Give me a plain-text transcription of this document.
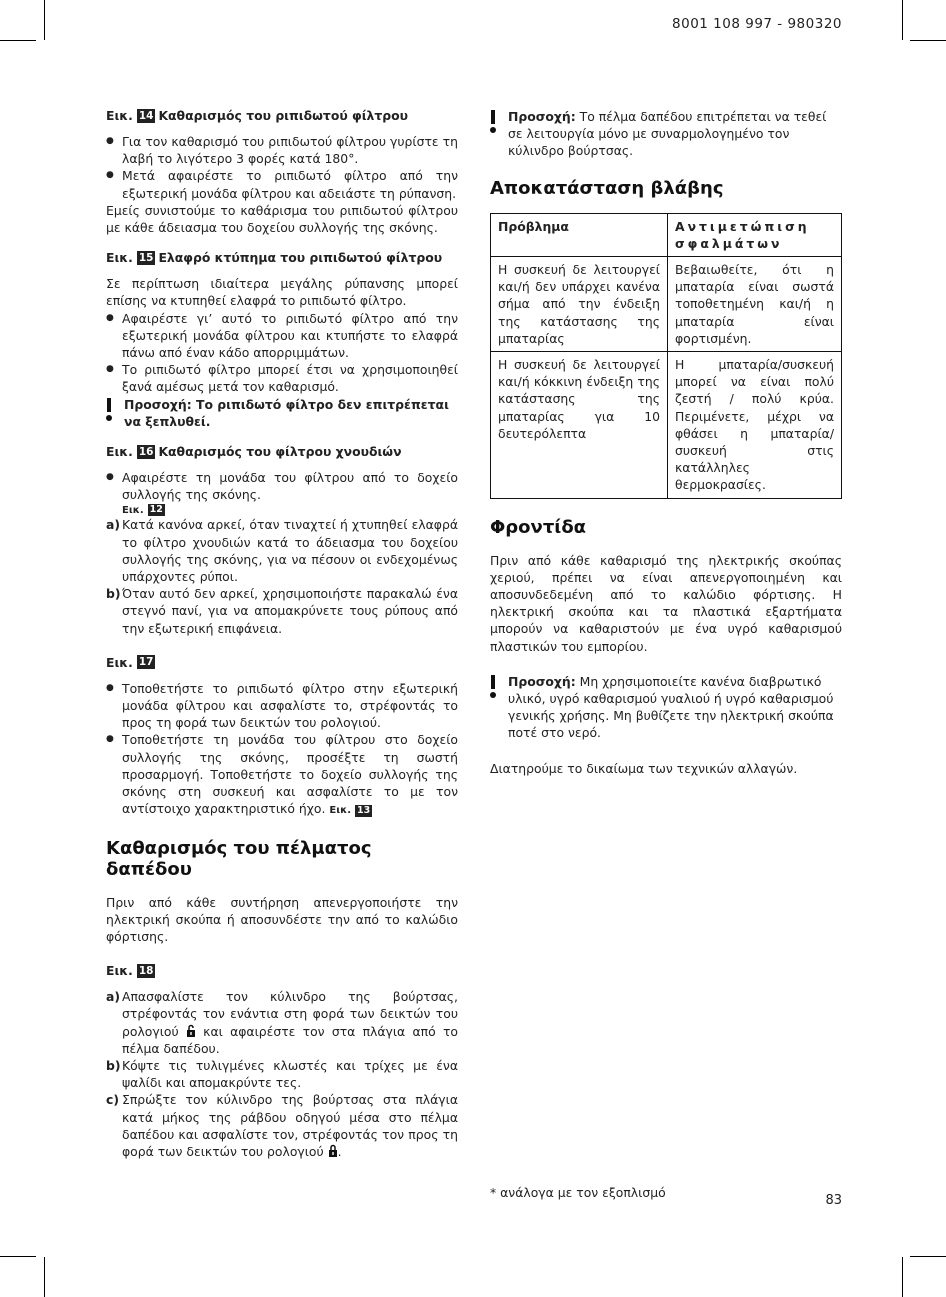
8001 108 997 - 980320
Εικ. 14 Καθαρισμός του ριπιδωτού φίλτρου
● Για τον καθαρισμό του ριπιδωτού φίλτρου γυρίστε τη λαβή το λιγότερο 3 φορές κατά 180°.
● Μετά αφαιρέστε το ριπιδωτό φίλτρο από την εξωτερική μονάδα φίλτρου και αδειάστε τη ρύπανση.

Εμείς συνιστούμε το καθάρισμα του ριπιδωτού φίλτρου με κάθε άδειασμα του δοχείου συλλογής της σκόνης.

Εικ. 15 Ελαφρό κτύπημα του ριπιδωτού φίλτρου

Σε περίπτωση ιδιαίτερα μεγάλης ρύπανσης μπορεί επίσης να κτυπηθεί ελαφρά το ριπιδωτό φίλτρο.

● Αφαιρέστε γι’ αυτό το ριπιδωτό φίλτρο από την εξωτερική μονάδα φίλτρου και κτυπήστε το ελαφρά πάνω από έναν κάδο απορριμμάτων.
● Το ριπιδωτό φίλτρο μπορεί έτσι να χρησιμοποιηθεί ξανά αμέσως μετά τον καθαρισμό.
Προσοχή: Το ριπιδωτό φίλτρο δεν επιτρέπεται να ξεπλυθεί.
Εικ. 16 Καθαρισμός του φίλτρου χνουδιών
● Αφαιρέστε τη μονάδα του φίλτρου από το δοχείο συλλογής της σκόνης.
Εικ. 12
a) Κατά κανόνα αρκεί, όταν τιναχτεί ή χτυπηθεί ελαφρά το φίλτρο χνουδιών κατά το άδειασμα του δοχείου συλλογής της σκόνης, για να πέσουν οι ενδεχομένως υπάρχοντες ρύποι.
b) Όταν αυτό δεν αρκεί, χρησιμοποιήστε παρακαλώ ένα στεγνό πανί, για να απομακρύνετε τους ρύπους από την εξωτερική επιφάνεια.
Εικ. 17
● Τοποθετήστε το ριπιδωτό φίλτρο στην εξωτερική μονάδα φίλτρου και ασφαλίστε το, στρέφοντάς το προς τη φορά των δεικτών του ρολογιού.
● Τοποθετήστε τη μονάδα του φίλτρου στο δοχείο συλλογής της σκόνης, προσέξτε τη σωστή προσαρμογή. Τοποθετήστε το δοχείο συλλογής της σκόνης στη συσκευή και ασφαλίστε το με τον αντίστοιχο χαρακτηριστικό ήχο. Εικ. 13
Καθαρισμός του πέλματος δαπέδου

Πριν από κάθε συντήρηση απενεργοποιήστε την ηλεκτρική σκούπα ή αποσυνδέστε την από το καλώδιο φόρτισης.

Εικ. 18
a) Απασφαλίστε τον κύλινδρο της βούρτσας, στρέφοντάς τον ενάντια στη φορά των δεικτών του ρολογιού και αφαιρέστε τον στα πλάγια από το πέλμα δαπέδου.
b) Κόψτε τις τυλιγμένες κλωστές και τρίχες με ένα ψαλίδι και απομακρύντε τες.
c) Σπρώξτε τον κύλινδρο της βούρτσας στα πλάγια κατά μήκος της ράβδου οδηγού μέσα στο πέλμα δαπέδου και ασφαλίστε τον, στρέφοντάς τον προς τη φορά των δεικτών του ρολογιού .
Προσοχή: Το πέλμα δαπέδου επιτρέπεται να τεθεί σε λειτουργία μόνο με συναρμολογημένο τον κύλινδρο βούρτσας.
Αποκατάσταση βλάβης
Πρόβλημα	Αντιμετώπιση σφαλμάτων
Η συσκευή δε λειτουργεί και/ή δεν υπάρχει κανένα σήμα από την ένδειξη της κατάστασης της μπαταρίας	Βεβαιωθείτε, ότι η μπαταρία είναι σωστά τοποθετημένη και/ή η μπαταρία είναι φορτισμένη.
Η συσκευή δε λειτουργεί και/ή κόκκινη ένδειξη της κατάστασης της μπαταρίας για 10 δευτερόλεπτα	Η μπαταρία/συσκευή μπορεί να είναι πολύ ζεστή / πολύ κρύα. Περιμένετε, μέχρι να φθάσει η μπαταρία/συσκευή στις κατάλληλες θερμοκρασίες.
Φροντίδα

Πριν από κάθε καθαρισμό της ηλεκτρικής σκούπας χεριού, πρέπει να είναι απενεργοποιημένη και αποσυνδεδεμένη από το καλώδιο φόρτισης. Η ηλεκτρική σκούπα και τα πλαστικά εξαρτήματα μπορούν να καθαριστούν με ένα υγρό καθαρισμού πλαστικών του εμπορίου.

Προσοχή: Μη χρησιμοποιείτε κανένα διαβρωτικό υλικό, υγρό καθαρισμού γυαλιού ή υγρό καθαρισμού γενικής χρήσης. Μη βυθίζετε την ηλεκτρική σκούπα ποτέ στο νερό.

Διατηρούμε το δικαίωμα των τεχνικών αλλαγών.

* ανάλογα με τον εξοπλισμό
83
